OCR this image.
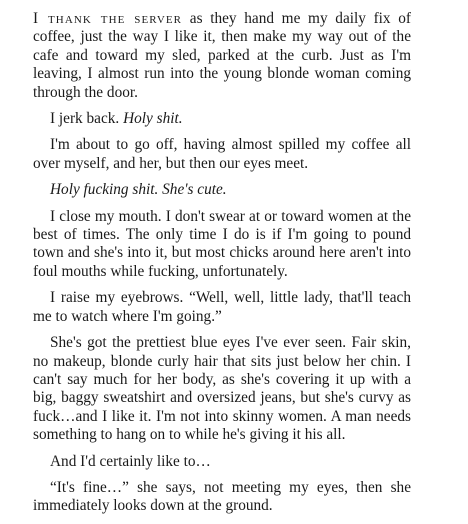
I thank the server as they hand me my daily fix of coffee, just the way I like it, then make my way out of the cafe and toward my sled, parked at the curb. Just as I'm leaving, I almost run into the young blonde woman coming through the door.

I jerk back. Holy shit.

I'm about to go off, having almost spilled my coffee all over myself, and her, but then our eyes meet.

Holy fucking shit. She's cute.

I close my mouth. I don't swear at or toward women at the best of times. The only time I do is if I'm going to pound town and she's into it, but most chicks around here aren't into foul mouths while fucking, unfortunately.

I raise my eyebrows. “Well, well, little lady, that'll teach me to watch where I'm going.”

She's got the prettiest blue eyes I've ever seen. Fair skin, no makeup, blonde curly hair that sits just below her chin. I can't say much for her body, as she's covering it up with a big, baggy sweatshirt and oversized jeans, but she's curvy as fuck…and I like it. I'm not into skinny women. A man needs something to hang on to while he's giving it his all.

And I'd certainly like to…

“It's fine…” she says, not meeting my eyes, then she immediately looks down at the ground.
